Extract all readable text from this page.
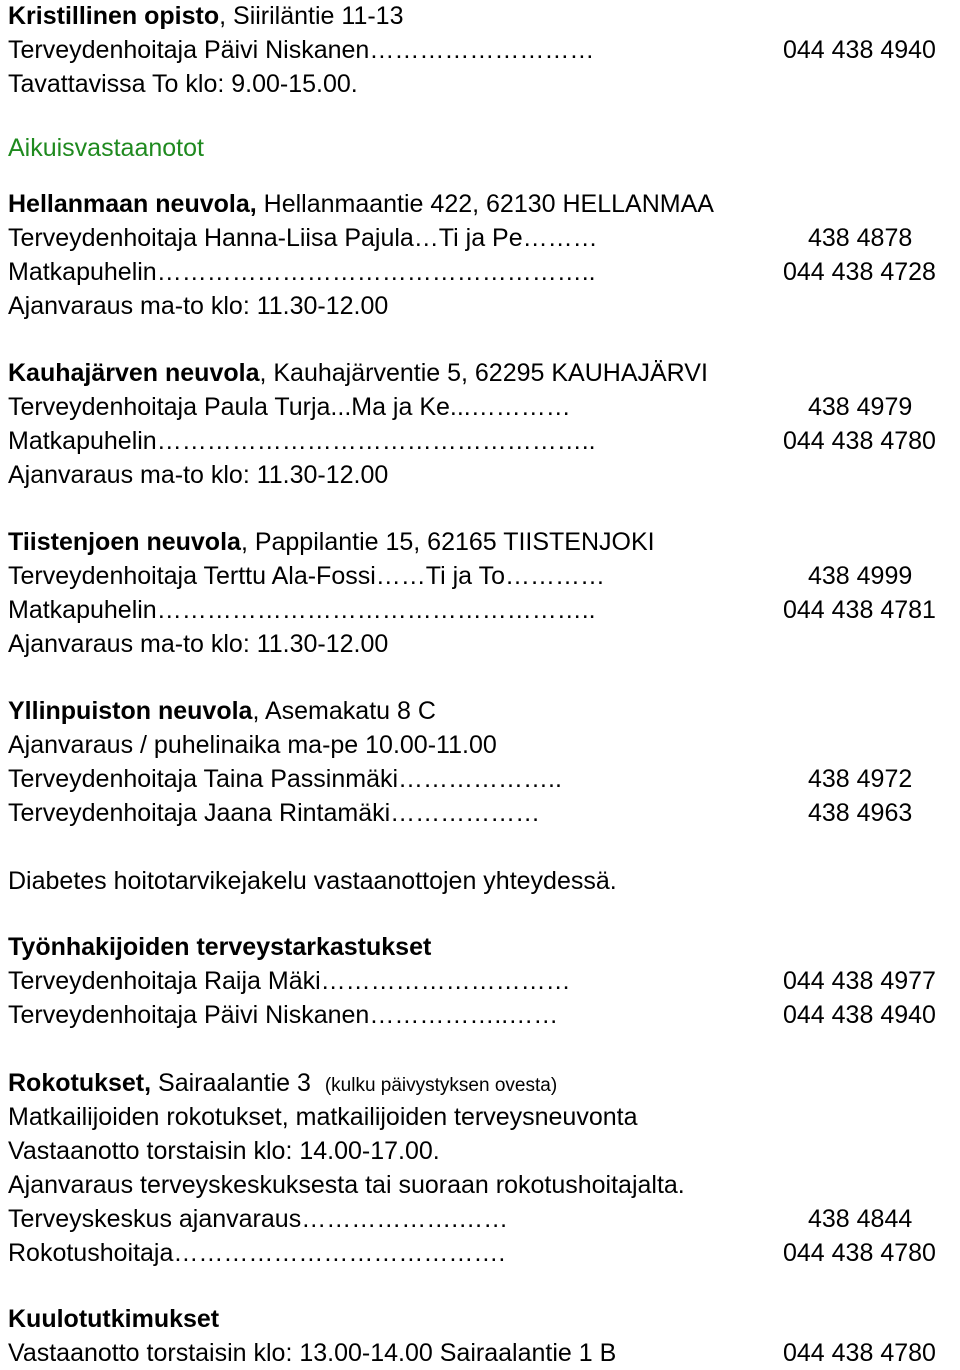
Kristillinen opisto, Siiriläntie 11-13
Terveydenhoitaja Päivi Niskanen………………………	044 438 4940
Tavattavissa To klo: 9.00-15.00.
Aikuisvastaanotot
Hellanmaan neuvola, Hellanmaantie 422, 62130 HELLANMAA
Terveydenhoitaja Hanna-Liisa Pajula…Ti ja Pe………	438 4878
Matkapuhelin……………………………………………..	044 438 4728
Ajanvaraus ma-to klo: 11.30-12.00
Kauhajärven neuvola, Kauhajärventie 5, 62295 KAUHAJÄRVI
Terveydenhoitaja Paula Turja...Ma ja Ke...…………	438 4979
Matkapuhelin……………………………………………..	044 438 4780
Ajanvaraus ma-to klo: 11.30-12.00
Tiistenjoen neuvola, Pappilantie 15, 62165 TIISTENJOKI
Terveydenhoitaja Terttu Ala-Fossi……Ti ja To…………	438 4999
Matkapuhelin……………………………………………..	044 438 4781
Ajanvaraus ma-to klo: 11.30-12.00
Yllinpuiston neuvola, Asemakatu 8 C
Ajanvaraus / puhelinaika ma-pe 10.00-11.00
Terveydenhoitaja Taina Passinmäki………………..	438 4972
Terveydenhoitaja Jaana Rintamäki………………	438 4963
Diabetes hoitotarvikejakelu vastaanottojen yhteydessä.
Työnhakijoiden terveystarkastukset
Terveydenhoitaja Raija Mäki…………………………	044 438 4977
Terveydenhoitaja Päivi Niskanen……………..……	044 438 4940
Rokotukset, Sairaalantie 3 (kulku päivystyksen ovesta)
Matkailijoiden rokotukset, matkailijoiden terveysneuvonta
Vastaanotto torstaisin klo: 14.00-17.00.
Ajanvaraus terveyskeskuksesta tai suoraan rokotushoitajalta.
Terveyskeskus ajanvaraus……………….……	438 4844
Rokotushoitaja………………………………….	044 438 4780
Kuulotutkimukset
Vastaanotto torstaisin klo: 13.00-14.00 Sairaalantie 1 B	044 438 4780
